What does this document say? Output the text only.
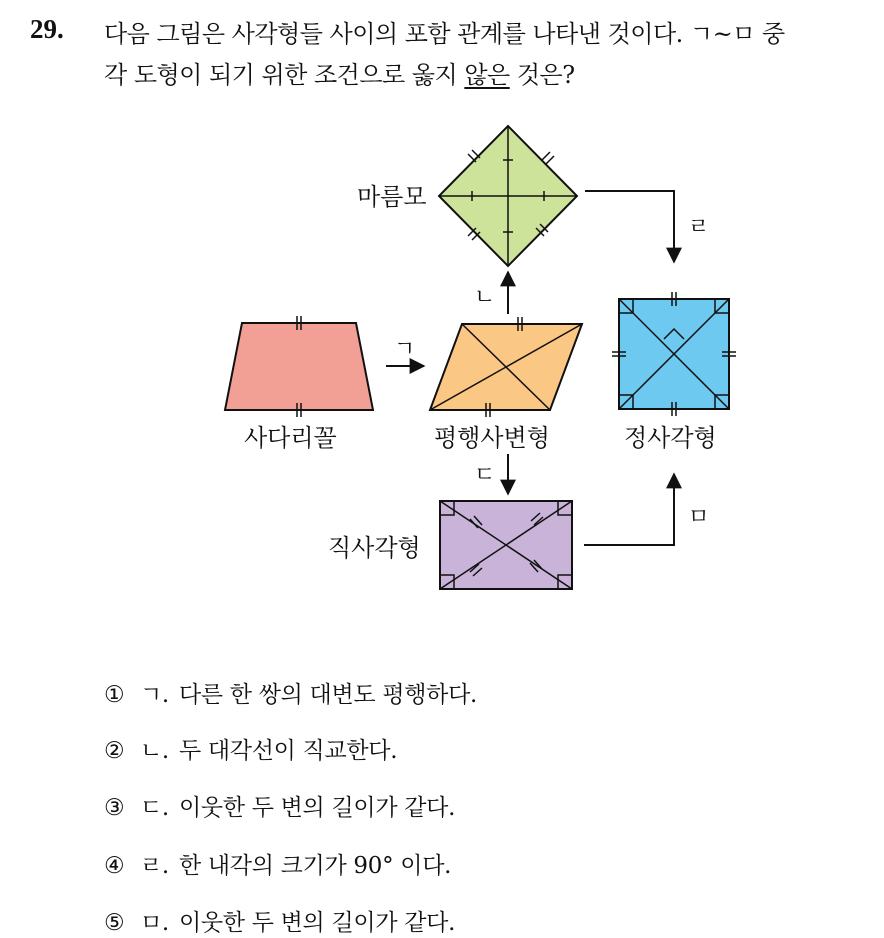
29. 다음 그림은 사각형들 사이의 포함 관계를 나타낸 것이다. ㄱ~ㅁ 중
각 도형이 되기 위한 조건으로 옳지 않은 것은?
마름모
사다리꼴	평행사변형	정사각형
직사각형
ㄱ
ㄴ
ㄷ
ㄹ
ㅁ
① ㄱ. 다른 한 쌍의 대변도 평행하다.
② ㄴ. 두 대각선이 직교한다.
③ ㄷ. 이웃한 두 변의 길이가 같다.
④ ㄹ. 한 내각의 크기가 90° 이다.
⑤ ㅁ. 이웃한 두 변의 길이가 같다.
